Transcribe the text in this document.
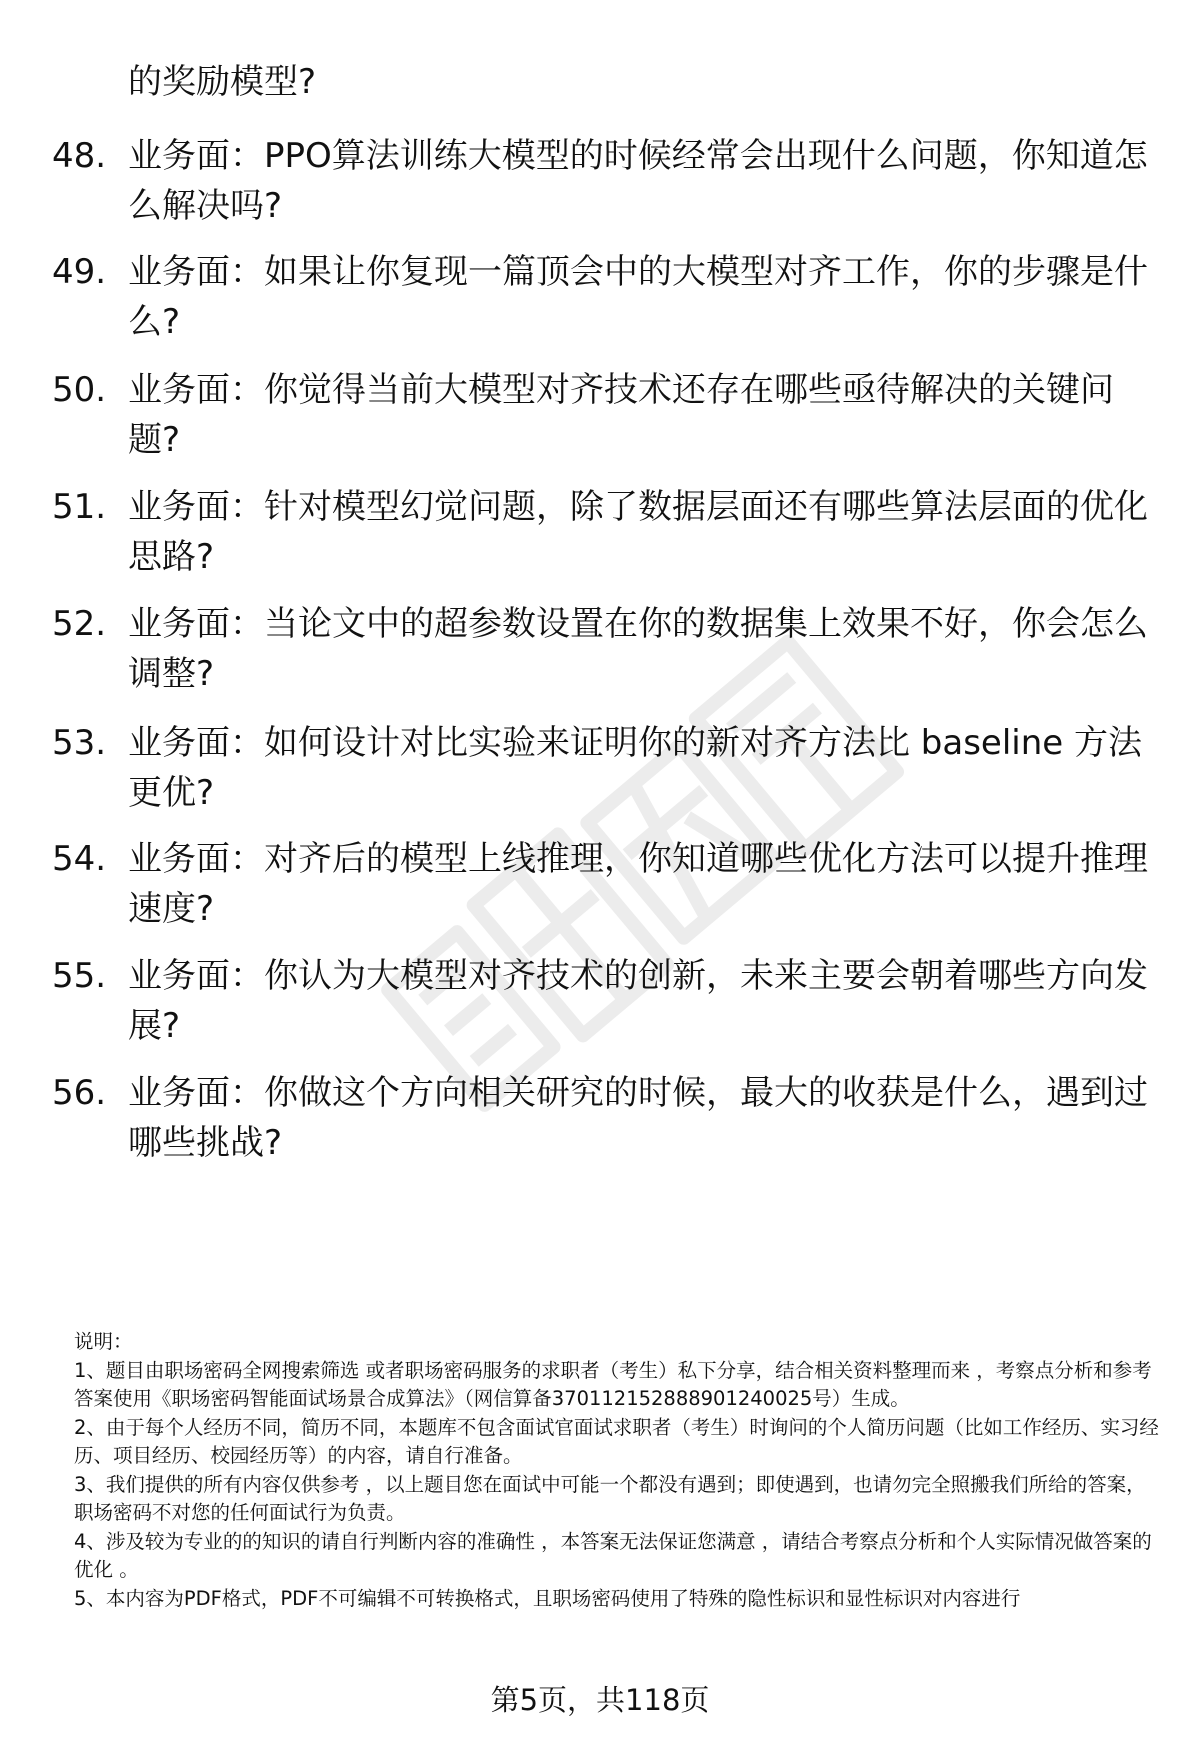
的奖励模型?

48. 业务面：PPO算法训练大模型的时候经常会出现什么问题，你知道怎么解决吗?
49. 业务面：如果让你复现一篇顶会中的大模型对齐工作，你的步骤是什么?
50. 业务面：你觉得当前大模型对齐技术还存在哪些亟待解决的关键问题?
51. 业务面：针对模型幻觉问题，除了数据层面还有哪些算法层面的优化思路?
52. 业务面：当论文中的超参数设置在你的数据集上效果不好，你会怎么调整?
53. 业务面：如何设计对比实验来证明你的新对齐方法比 baseline 方法更优?
54. 业务面：对齐后的模型上线推理，你知道哪些优化方法可以提升推理速度?
55. 业务面：你认为大模型对齐技术的创新，未来主要会朝着哪些方向发展?
56. 业务面：你做这个方向相关研究的时候，最大的收获是什么，遇到过哪些挑战?

说明：

1、题目由职场密码全网搜索筛选 或者职场密码服务的求职者（考生）私下分享，结合相关资料整理而来 ，考察点分析和参考答案使用《职场密码智能面试场景合成算法》（网信算备370112152888901240025号）生成。

2、由于每个人经历不同，简历不同，本题库不包含面试官面试求职者（考生）时询问的个人简历问题（比如工作经历、实习经历、项目经历、校园经历等）的内容，请自行准备。

3、我们提供的所有内容仅供参考 ，以上题目您在面试中可能一个都没有遇到；即使遇到，也请勿完全照搬我们所给的答案，职场密码不对您的任何面试行为负责。

4、涉及较为专业的的知识的请自行判断内容的准确性 ，本答案无法保证您满意 ，请结合考察点分析和个人实际情况做答案的优化 。

5、本内容为PDF格式，PDF不可编辑不可转换格式，且职场密码使用了特殊的隐性标识和显性标识对内容进行

第5页，共118页
